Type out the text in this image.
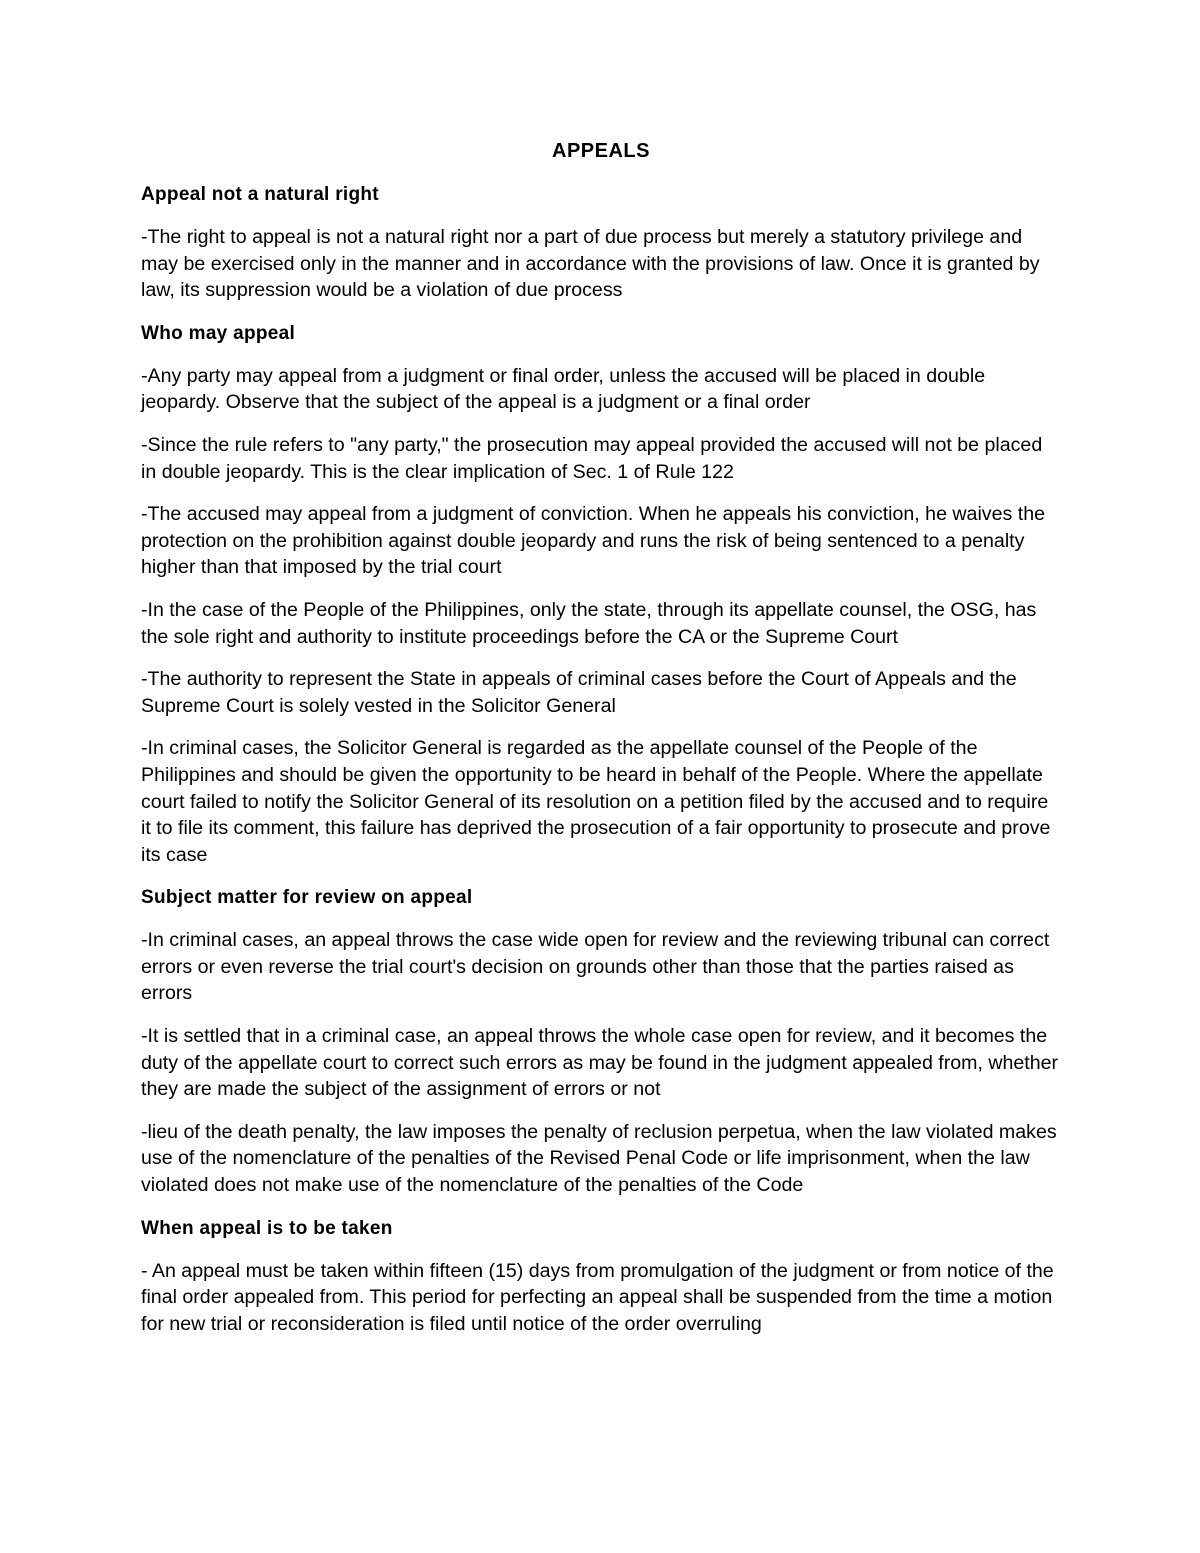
APPEALS
Appeal not a natural right

-The right to appeal is not a natural right nor a part of due process but merely a statutory privilege and may be exercised only in the manner and in accordance with the provisions of law. Once it is granted by law, its suppression would be a violation of due process

Who may appeal

-Any party may appeal from a judgment or final order, unless the accused will be placed in double jeopardy. Observe that the subject of the appeal is a judgment or a final order

-Since the rule refers to "any party," the prosecution may appeal provided the accused will not be placed in double jeopardy. This is the clear implication of Sec. 1 of Rule 122

-The accused may appeal from a judgment of conviction. When he appeals his conviction, he waives the protection on the prohibition against double jeopardy and runs the risk of being sentenced to a penalty higher than that imposed by the trial court

-In the case of the People of the Philippines, only the state, through its appellate counsel, the OSG, has the sole right and authority to institute proceedings before the CA or the Supreme Court

-The authority to represent the State in appeals of criminal cases before the Court of Appeals and the Supreme Court is solely vested in the Solicitor General

-In criminal cases, the Solicitor General is regarded as the appellate counsel of the People of the Philippines and should be given the opportunity to be heard in behalf of the People. Where the appellate court failed to notify the Solicitor General of its resolution on a petition filed by the accused and to require it to file its comment, this failure has deprived the prosecution of a fair opportunity to prosecute and prove its case

Subject matter for review on appeal

-In criminal cases, an appeal throws the case wide open for review and the reviewing tribunal can correct errors or even reverse the trial court's decision on grounds other than those that the parties raised as errors

-It is settled that in a criminal case, an appeal throws the whole case open for review, and it becomes the duty of the appellate court to correct such errors as may be found in the judgment appealed from, whether they are made the subject of the assignment of errors or not

-lieu of the death penalty, the law imposes the penalty of reclusion perpetua, when the law violated makes use of the nomenclature of the penalties of the Revised Penal Code or life imprisonment, when the law violated does not make use of the nomenclature of the penalties of the Code

When appeal is to be taken

- An appeal must be taken within fifteen (15) days from promulgation of the judgment or from notice of the final order appealed from. This period for perfecting an appeal shall be suspended from the time a motion for new trial or reconsideration is filed until notice of the order overruling
